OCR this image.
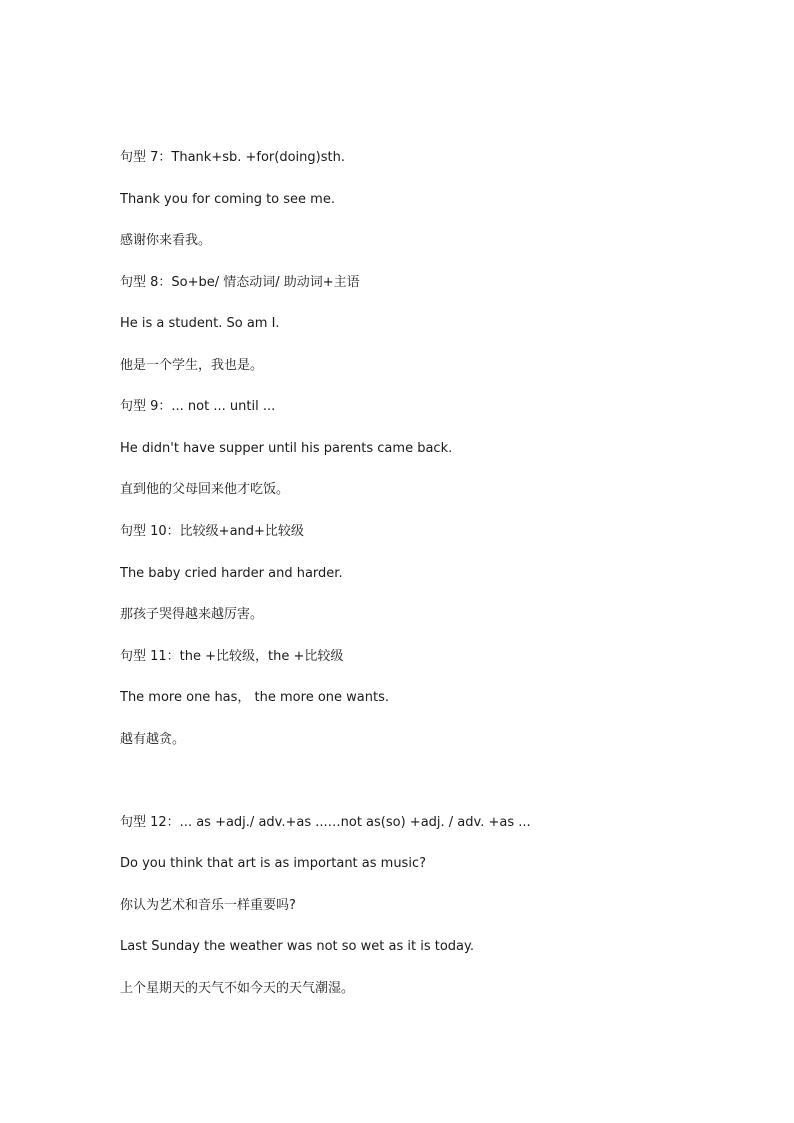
句型 7：Thank+sb. +for(doing)sth.

Thank you for coming to see me.

感谢你来看我。

句型 8：So+be/ 情态动词/ 助动词+主语

He is a student. So am I.

他是一个学生，我也是。

句型 9：... not ... until ...

He didn't have supper until his parents came back.

直到他的父母回来他才吃饭。

句型 10：比较级+and+比较级

The baby cried harder and harder.

那孩子哭得越来越厉害。

句型 11：the +比较级，the +比较级

The more one has， the more one wants.

越有越贪。

句型 12：... as +adj./ adv.+as ...…not as(so) +adj. / adv. +as ...

Do you think that art is as important as music?

你认为艺术和音乐一样重要吗?

Last Sunday the weather was not so wet as it is today.

上个星期天的天气不如今天的天气潮湿。
